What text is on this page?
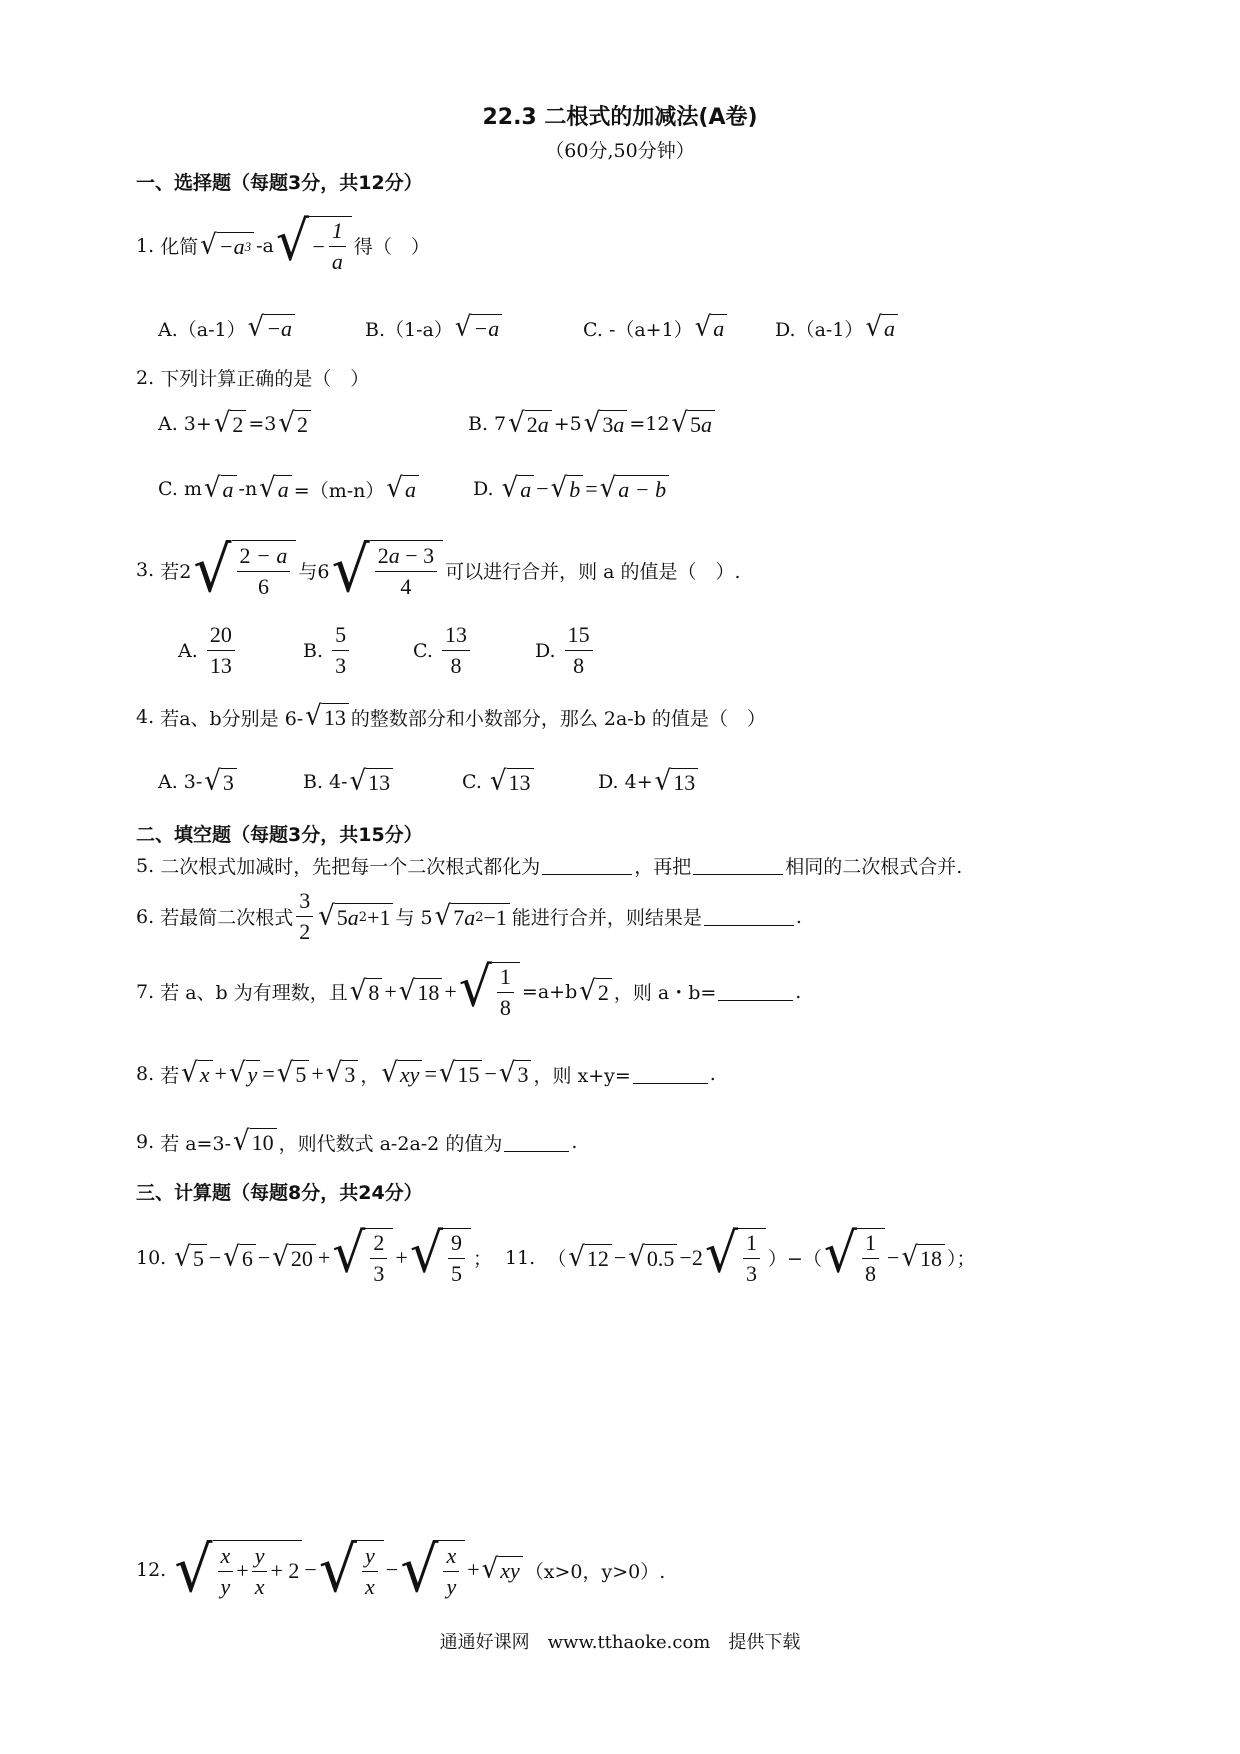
22.3 二根式的加减法(A卷)
（60分,50分钟）
一、选择题（每题3分，共12分）
1.
化简 √ −a 3 -a √ − $\frac{1}{a}$ 得（　）
A.（a-1） √ −a	B.（1-a） √ −a	C. -（a+1） √ a	D.（a-1） √ a
2.
下列计算正确的是（　）
A. 3+ √ 2 =3 √ 2	B. 7 √ 2 a +5 √ 3 a =12 √ 5 a
C. m √ a -n √ a =（m-n） √ a	D.
√ a − √ b = √ a − b
3.
若2 √ $\frac{2 - a}{6}$ 与6 √ $\frac{2a - 3}{4}$ 可以进行合并，则 a 的值是（　）.
A.
$\frac{20}{13}$	B.
$\frac{5}{3}$	C.
$\frac{13}{8}$	D.
$\frac{15}{8}$
4.
若a、b分别是 6- √ 13 的整数部分和小数部分，那么 2a-b 的值是（　）
A. 3- √ 3	B. 4- √ 13	C.
√ 13	D. 4+ √ 13
二、填空题（每题3分，共15分）
5.
二次根式加减时，先把每一个二次根式都化为	，再把	相同的二次根式合并.
6.
若最简二次根式 $\frac{3}{2}$ √ 5 a 2 +1 与 5 √ 7 a 2 −1 能进行合并，则结果是	.
7.
若 a、b 为有理数，且 √ 8 + √ 18 + √ $\frac{1}{8} =a+b$ √ 2 ，则 a・b=	.
8.
若 √ x + √ y = √ 5 + √ 3 ， √ xy = √ 15 − √ 3 ，则 x+y=	.
9.
若 a=3- √ 10 ，则代数式 a-2a-2 的值为	.
三、计算题（每题8分，共24分）
10.
√ 5 − √ 6 − √ 20 + √ $\frac{2}{3}$ + √ $\frac{9}{5}$ ； 11.
（ √ 12 − √ 0.5 −2 √ $\frac{1}{3}$ ）−（ √ $\frac{1}{8}$ − √ 18 ）；
12.
√ $\frac{x}{y} + \frac{y}{x} + 2$ − √ $\frac{y}{x}$ − √ $\frac{x}{y}$ + √ xy （x>0，y>0）.
通通好课网　www.tthaoke.com　提供下载
